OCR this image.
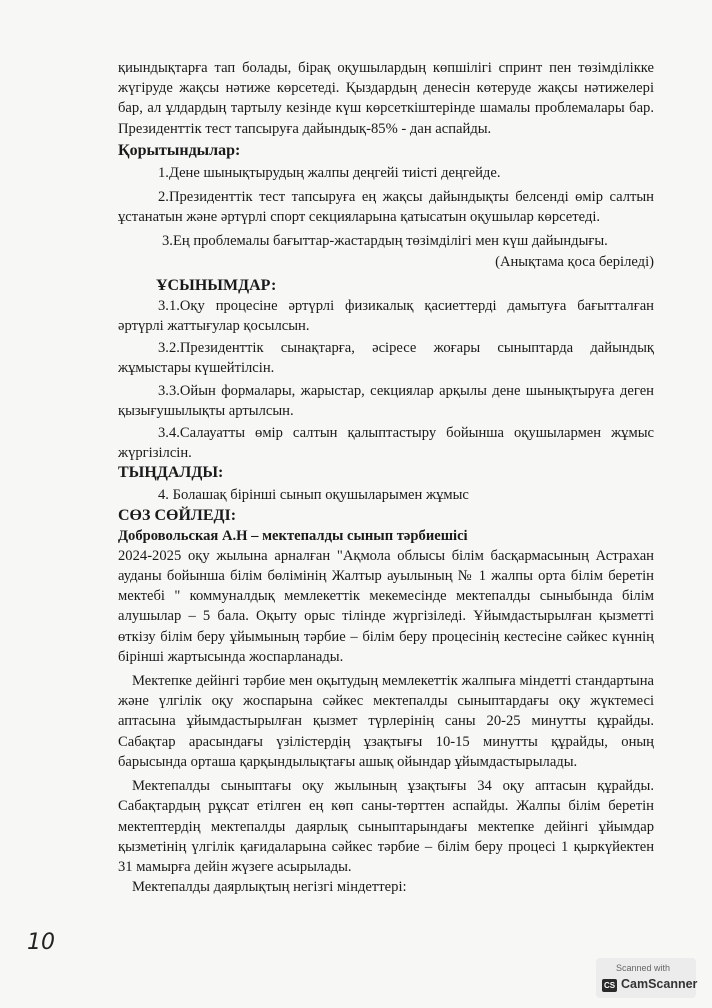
қиындықтарға тап болады, бірақ оқушылардың көпшілігі спринт пен төзімділікке жүгіруде жақсы нәтиже көрсетеді. Қыздардың денесін көтеруде жақсы нәтижелері бар, ал ұлдардың тартылу кезінде күш көрсеткіштерінде шамалы проблемалары бар. Президенттік тест тапсыруға дайындық-85% - дан аспайды.

Қорытындылар:

1.Дене шынықтырудың жалпы деңгейі тиісті деңгейде.

2.Президенттік тест тапсыруға ең жақсы дайындықты белсенді өмір салтын ұстанатын және әртүрлі спорт секцияларына қатысатын оқушылар көрсетеді.

3.Ең проблемалы бағыттар-жастардың төзімділігі мен күш дайындығы.

(Анықтама қоса беріледі)

ҰСЫНЫМДАР:

3.1.Оқу процесіне әртүрлі физикалық қасиеттерді дамытуға бағытталған әртүрлі жаттығулар қосылсын.

3.2.Президенттік сынақтарға, әсіресе жоғары сыныптарда дайындық жұмыстары күшейтілсін.

3.3.Ойын формалары, жарыстар, секциялар арқылы дене шынықтыруға деген қызығушылықты артылсын.

3.4.Салауатты өмір салтын қалыптастыру бойынша оқушылармен жұмыс жүргізілсін.

ТЫҢДАЛДЫ:

4. Болашақ бірінші сынып оқушыларымен жұмыс

СӨЗ СӨЙЛЕДІ:

Добровольская А.Н – мектепалды сынып тәрбиешісі

2024-2025 оқу жылына арналған "Ақмола облысы білім басқармасының Астрахан ауданы бойынша білім бөлімінің Жалтыр ауылының № 1 жалпы орта білім беретін мектебі " коммуналдық мемлекеттік мекемесінде мектепалды сыныбында білім алушылар – 5 бала. Оқыту орыс тілінде жүргізіледі. Ұйымдастырылған қызметті өткізу білім беру ұйымының тәрбие – білім беру процесінің кестесіне сәйкес күннің бірінші жартысында жоспарланады.

Мектепке дейінгі тәрбие мен оқытудың мемлекеттік жалпыға міндетті стандартына және үлгілік оқу жоспарына сәйкес мектепалды сыныптардағы оқу жүктемесі аптасына ұйымдастырылған қызмет түрлерінің саны 20-25 минутты құрайды. Сабақтар арасындағы үзілістердің ұзақтығы 10-15 минутты құрайды, оның барысында орташа қарқындылықтағы ашық ойындар ұйымдастырылады.

Мектепалды сыныптағы оқу жылының ұзақтығы 34 оқу аптасын құрайды. Сабақтардың рұқсат етілген ең көп саны-төрттен аспайды. Жалпы білім беретін мектептердің мектепалды даярлық сыныптарындағы мектепке дейінгі ұйымдар қызметінің үлгілік қағидаларына сәйкес тәрбие – білім беру процесі 1 қыркүйектен 31 мамырға дейін жүзеге асырылады.

Мектепалды даярлықтың негізгі міндеттері:

10
Scanned with
CS CamScanner
